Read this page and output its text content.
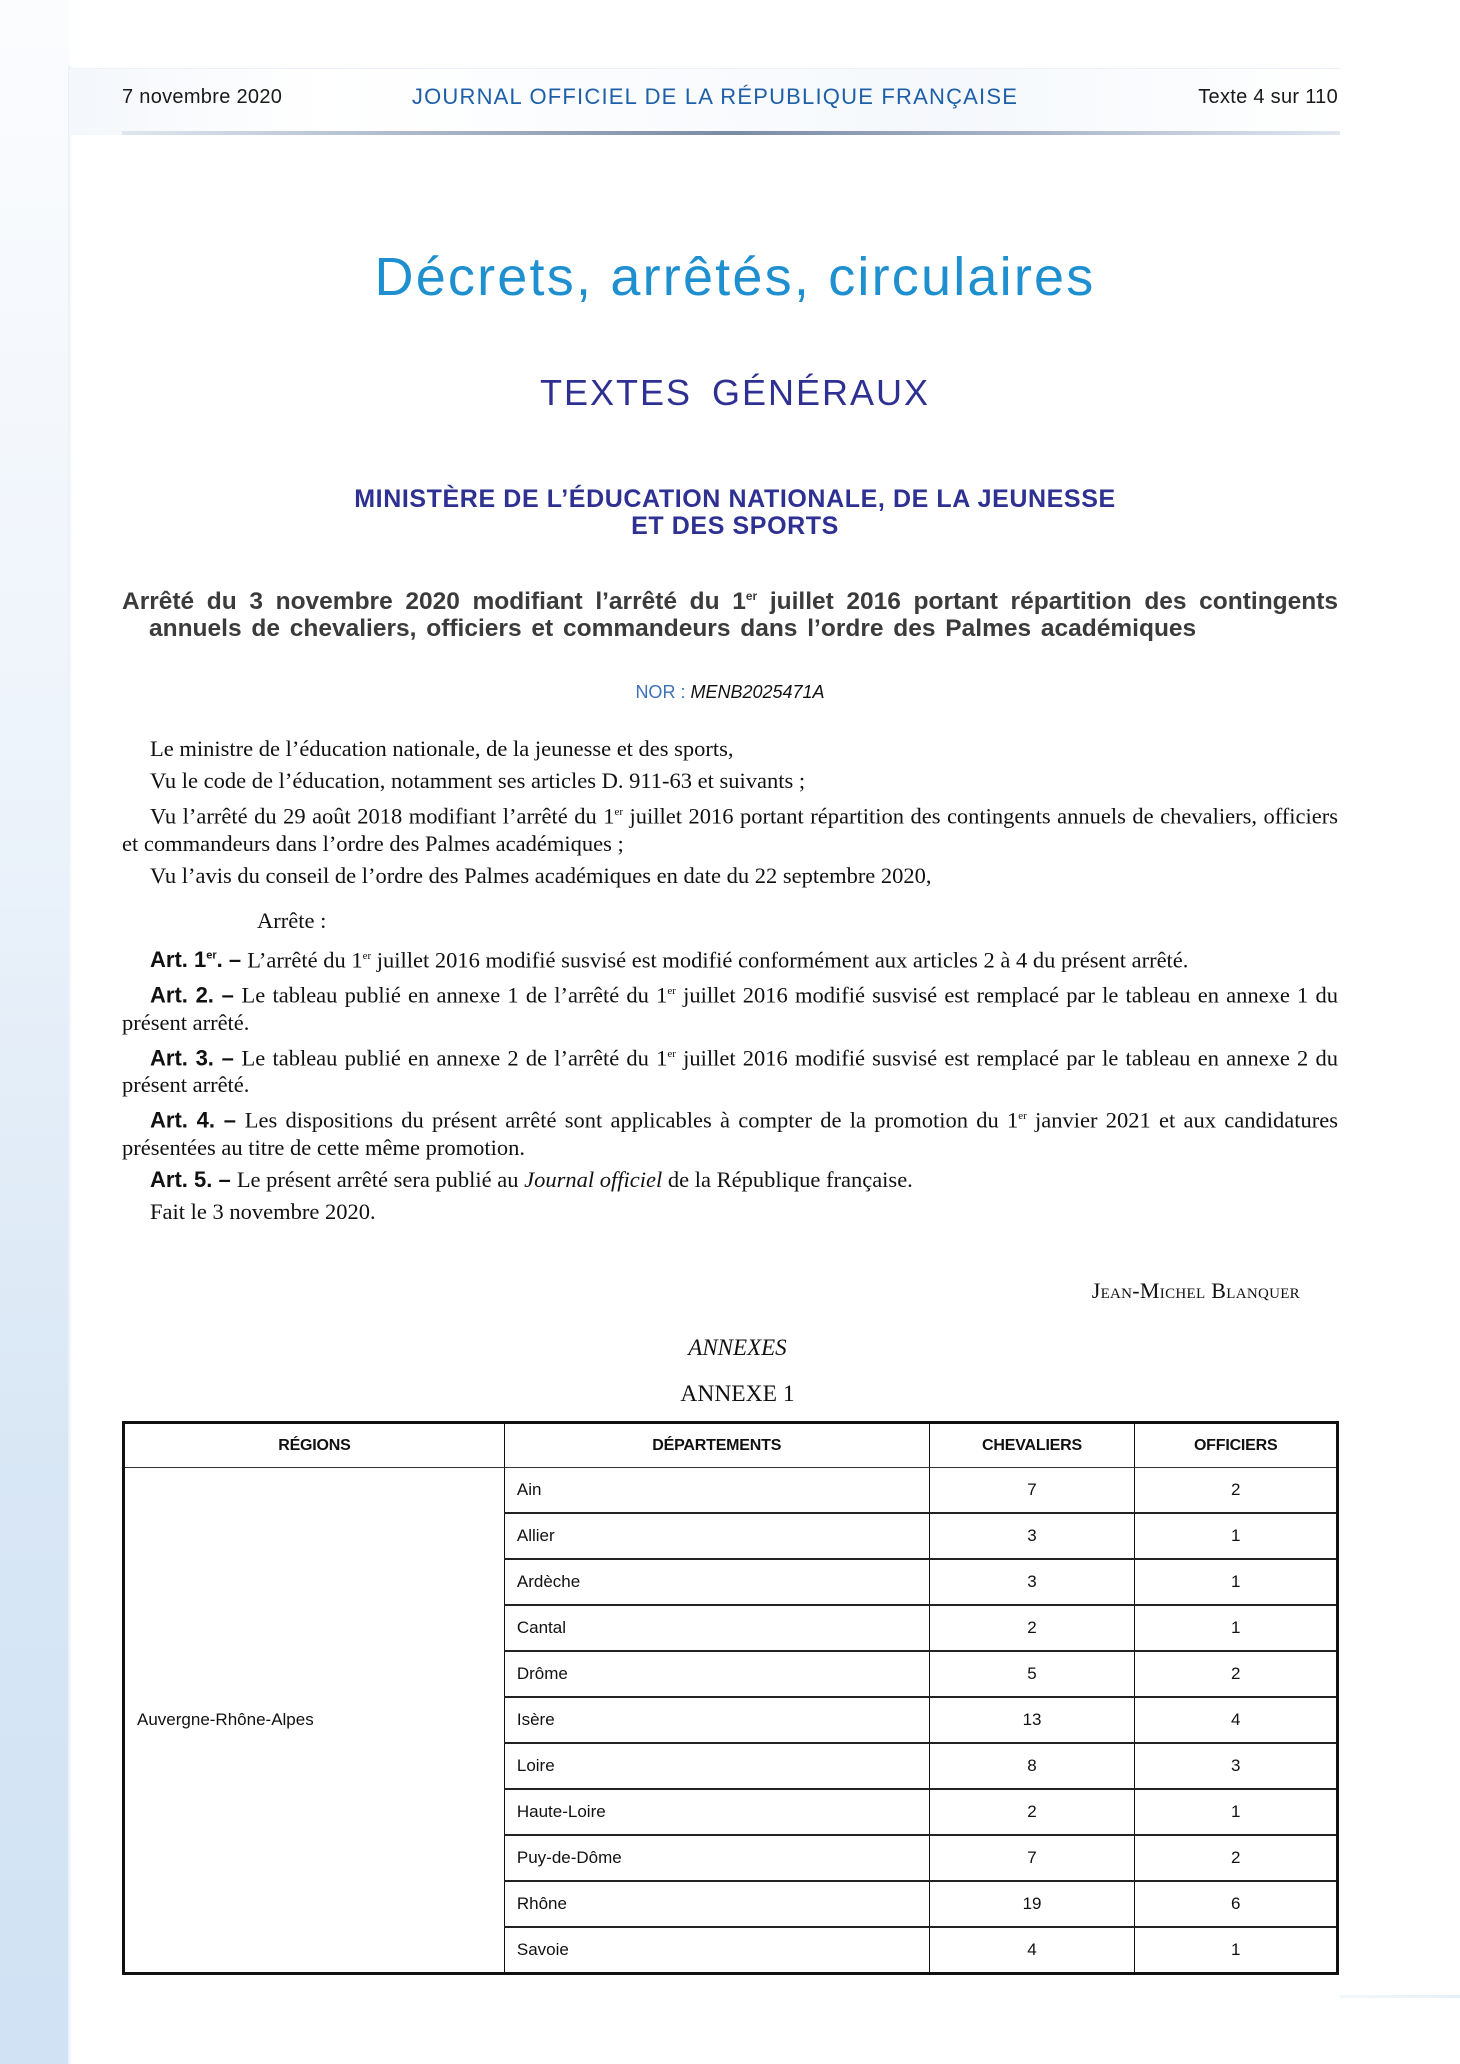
7 novembre 2020	JOURNAL OFFICIEL DE LA RÉPUBLIQUE FRANÇAISE	Texte 4 sur 110
Décrets, arrêtés, circulaires
TEXTES GÉNÉRAUX
MINISTÈRE DE L’ÉDUCATION NATIONALE, DE LA JEUNESSE
ET DES SPORTS
Arrêté du 3 novembre 2020 modifiant l’arrêté du 1er juillet 2016 portant répartition des contingents annuels de chevaliers, officiers et commandeurs dans l’ordre des Palmes académiques
NOR : MENB2025471A

Le ministre de l’éducation nationale, de la jeunesse et des sports,

Vu le code de l’éducation, notamment ses articles D. 911-63 et suivants ;

Vu l’arrêté du 29 août 2018 modifiant l’arrêté du 1er juillet 2016 portant répartition des contingents annuels de chevaliers, officiers et commandeurs dans l’ordre des Palmes académiques ;

Vu l’avis du conseil de l’ordre des Palmes académiques en date du 22 septembre 2020,

Arrête :

Art. 1er. – L’arrêté du 1er juillet 2016 modifié susvisé est modifié conformément aux articles 2 à 4 du présent arrêté.

Art. 2. – Le tableau publié en annexe 1 de l’arrêté du 1er juillet 2016 modifié susvisé est remplacé par le tableau en annexe 1 du présent arrêté.

Art. 3. – Le tableau publié en annexe 2 de l’arrêté du 1er juillet 2016 modifié susvisé est remplacé par le tableau en annexe 2 du présent arrêté.

Art. 4. – Les dispositions du présent arrêté sont applicables à compter de la promotion du 1er janvier 2021 et aux candidatures présentées au titre de cette même promotion.

Art. 5. – Le présent arrêté sera publié au Journal officiel de la République française.

Fait le 3 novembre 2020.

Jean-Michel Blanquer
ANNEXES
ANNEXE 1
RÉGIONS	DÉPARTEMENTS	CHEVALIERS	OFFICIERS
Auvergne-Rhône-Alpes	Ain	7	2
	Allier	3	1
	Ardèche	3	1
	Cantal	2	1
	Drôme	5	2
	Isère	13	4
	Loire	8	3
	Haute-Loire	2	1
	Puy-de-Dôme	7	2
	Rhône	19	6
	Savoie	4	1
